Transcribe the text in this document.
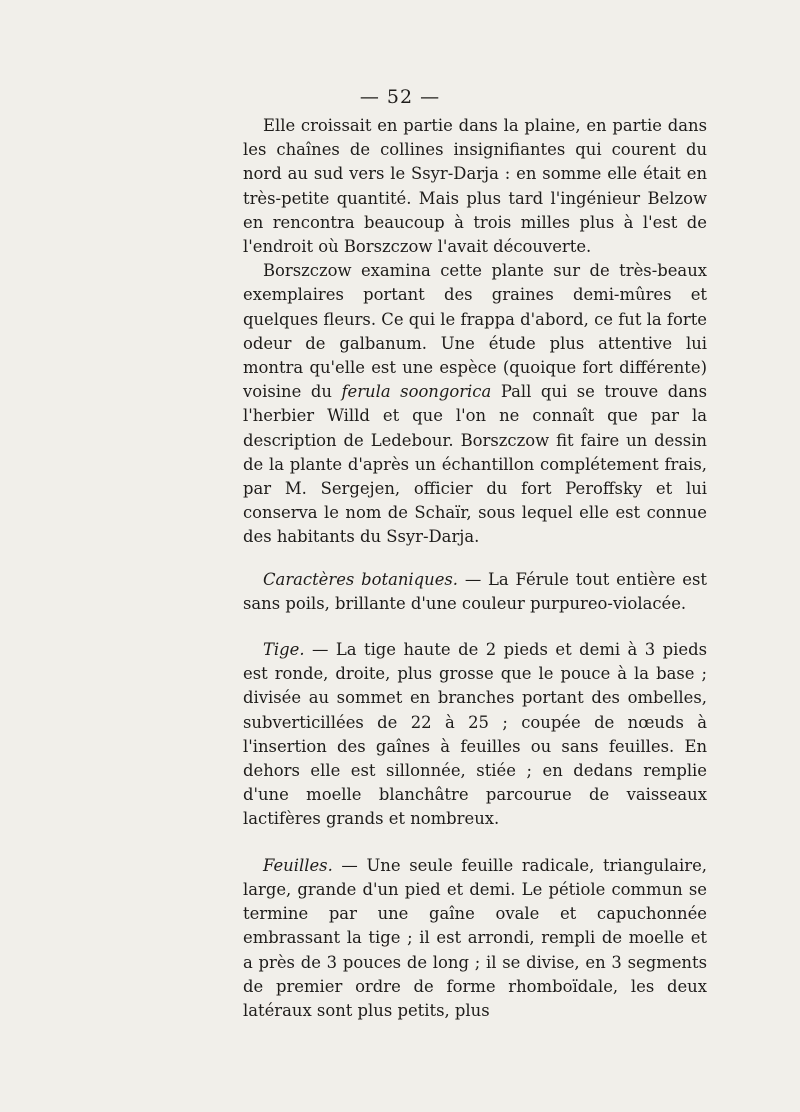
— 52 —

Elle croissait en partie dans la plaine, en partie dans les chaînes de collines insignifiantes qui courent du nord au sud vers le Ssyr-Darja : en somme elle était en très-petite quantité. Mais plus tard l'ingénieur Belzow en rencontra beaucoup à trois milles plus à l'est de l'endroit où Borszczow l'avait découverte.

Borszczow examina cette plante sur de très-beaux exemplaires portant des graines demi-mûres et quelques fleurs. Ce qui le frappa d'abord, ce fut la forte odeur de galbanum. Une étude plus attentive lui montra qu'elle est une espèce (quoique fort différente) voisine du ferula soongorica Pall qui se trouve dans l'herbier Willd et que l'on ne connaît que par la description de Ledebour. Borszczow fit faire un dessin de la plante d'après un échantillon complétement frais, par M. Sergejen, officier du fort Peroffsky et lui conserva le nom de Schaïr, sous lequel elle est connue des habitants du Ssyr-Darja.

Caractères botaniques. — La Férule tout entière est sans poils, brillante d'une couleur purpureo-violacée.

Tige. — La tige haute de 2 pieds et demi à 3 pieds est ronde, droite, plus grosse que le pouce à la base ; divisée au sommet en branches portant des ombelles, subverticillées de 22 à 25 ; coupée de nœuds à l'insertion des gaînes à feuilles ou sans feuilles. En dehors elle est sillonnée, stiée ; en dedans remplie d'une moelle blanchâtre parcourue de vaisseaux lactifères grands et nombreux.

Feuilles. — Une seule feuille radicale, triangulaire, large, grande d'un pied et demi. Le pétiole commun se termine par une gaîne ovale et capuchonnée embrassant la tige ; il est arrondi, rempli de moelle et a près de 3 pouces de long ; il se divise, en 3 segments de premier ordre de forme rhomboïdale, les deux latéraux sont plus petits, plus
